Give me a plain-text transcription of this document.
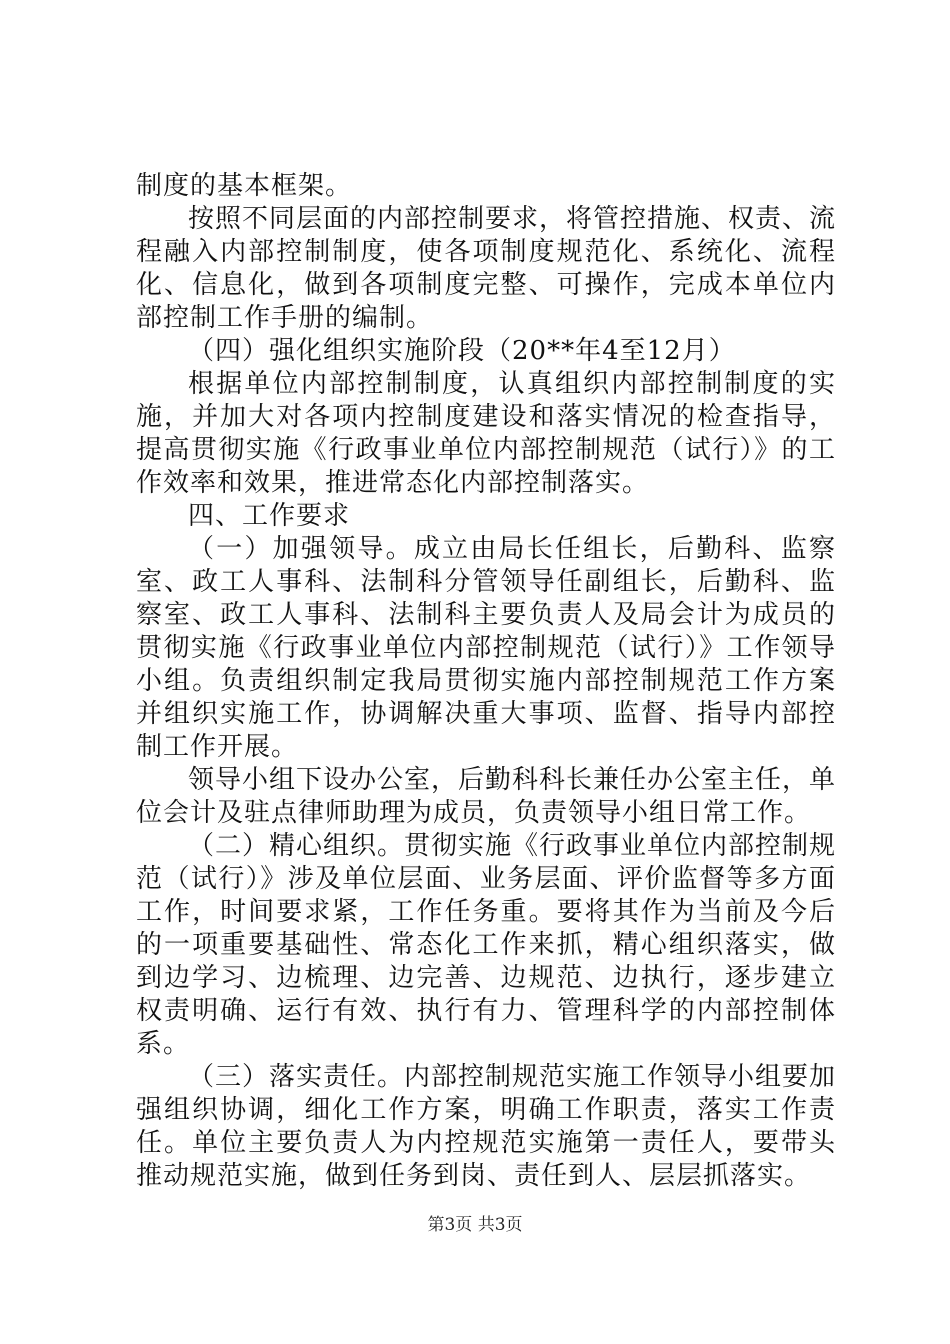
制度的基本框架。

按照不同层面的内部控制要求，将管控措施、权责、流程融入内部控制制度，使各项制度规范化、系统化、流程化、信息化，做到各项制度完整、可操作，完成本单位内部控制工作手册的编制。

（四）强化组织实施阶段（20**年4至12月）

根据单位内部控制制度，认真组织内部控制制度的实施，并加大对各项内控制度建设和落实情况的检查指导，提高贯彻实施《行政事业单位内部控制规范（试行）》的工作效率和效果，推进常态化内部控制落实。

四、工作要求

（一）加强领导。成立由局长任组长，后勤科、监察室、政工人事科、法制科分管领导任副组长，后勤科、监察室、政工人事科、法制科主要负责人及局会计为成员的贯彻实施《行政事业单位内部控制规范（试行）》工作领导小组。负责组织制定我局贯彻实施内部控制规范工作方案并组织实施工作，协调解决重大事项、监督、指导内部控制工作开展。

领导小组下设办公室，后勤科科长兼任办公室主任，单位会计及驻点律师助理为成员，负责领导小组日常工作。

（二）精心组织。贯彻实施《行政事业单位内部控制规范（试行）》涉及单位层面、业务层面、评价监督等多方面工作，时间要求紧，工作任务重。要将其作为当前及今后的一项重要基础性、常态化工作来抓，精心组织落实，做到边学习、边梳理、边完善、边规范、边执行，逐步建立权责明确、运行有效、执行有力、管理科学的内部控制体系。

（三）落实责任。内部控制规范实施工作领导小组要加强组织协调，细化工作方案，明确工作职责，落实工作责任。单位主要负责人为内控规范实施第一责任人，要带头推动规范实施，做到任务到岗、责任到人、层层抓落实。

第3页 共3页
